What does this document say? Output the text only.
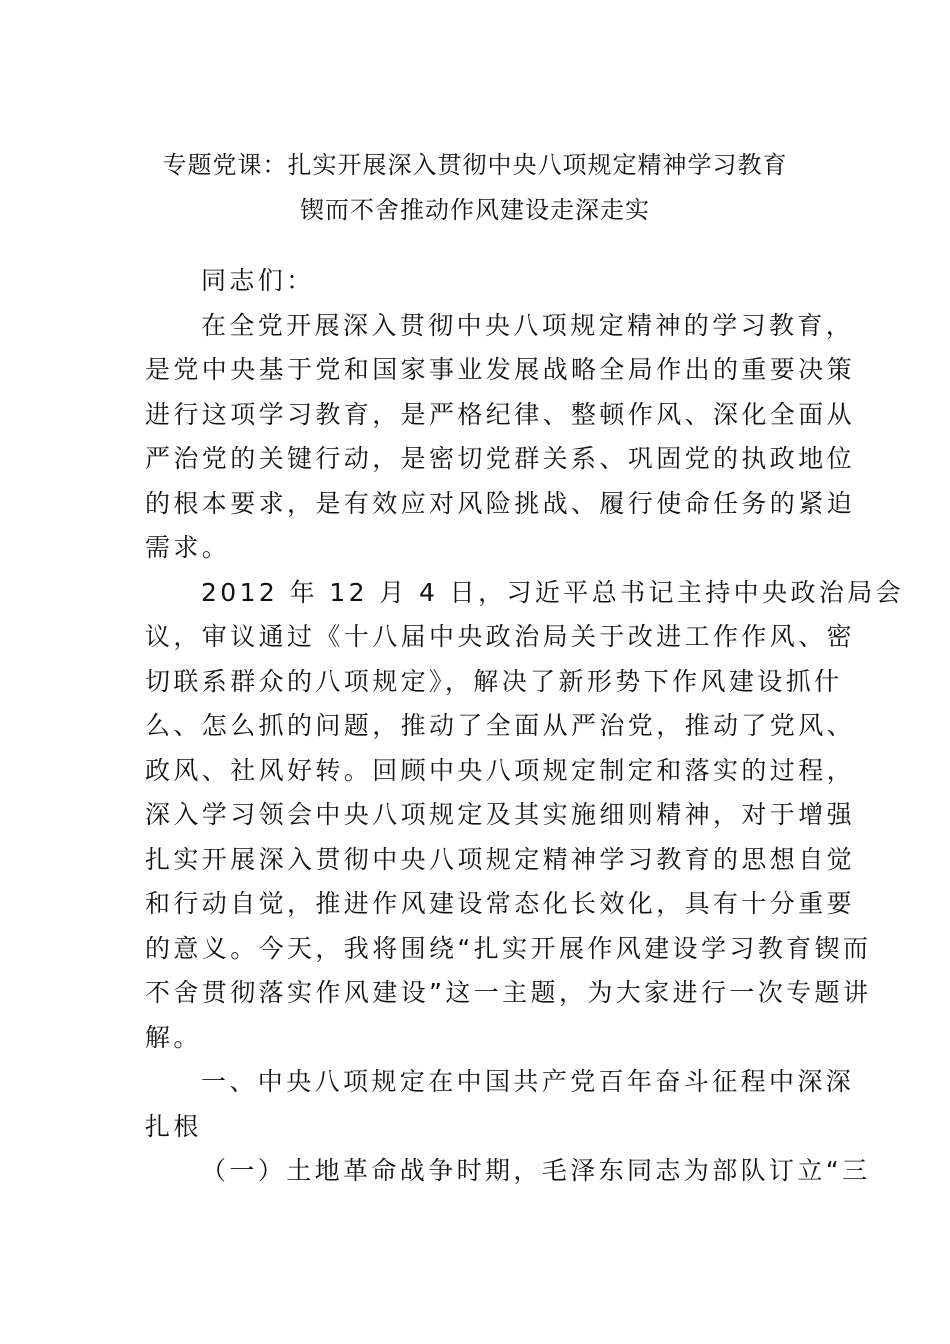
专题党课：扎实开展深入贯彻中央八项规定精神学习教育
锲而不舍推动作风建设走深走实
同志们：
在全党开展深入贯彻中央八项规定精神的学习教育，
是党中央基于党和国家事业发展战略全局作出的重要决策
进行这项学习教育，是严格纪律、整顿作风、深化全面从
严治党的关键行动，是密切党群关系、巩固党的执政地位
的根本要求，是有效应对风险挑战、履行使命任务的紧迫
需求。
2012 年 12 月 4 日，习近平总书记主持中央政治局会
议，审议通过《十八届中央政治局关于改进工作作风、密
切联系群众的八项规定》，解决了新形势下作风建设抓什
么、怎么抓的问题，推动了全面从严治党，推动了党风、
政风、社风好转。回顾中央八项规定制定和落实的过程，
深入学习领会中央八项规定及其实施细则精神，对于增强
扎实开展深入贯彻中央八项规定精神学习教育的思想自觉
和行动自觉，推进作风建设常态化长效化，具有十分重要
的意义。今天，我将围绕“扎实开展作风建设学习教育锲而
不舍贯彻落实作风建设”这一主题，为大家进行一次专题讲
解。
一、中央八项规定在中国共产党百年奋斗征程中深深
扎根
（一）土地革命战争时期，毛泽东同志为部队订立“三
